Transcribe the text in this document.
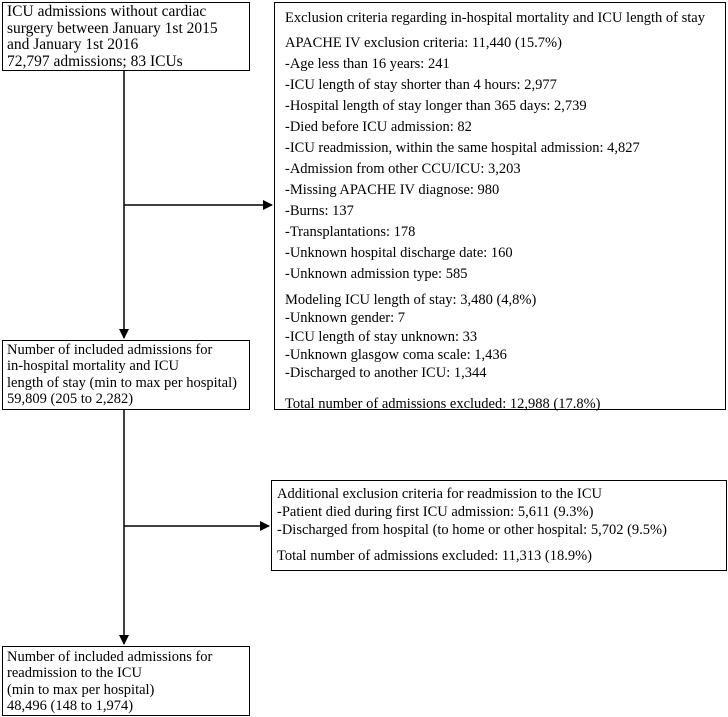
ICU admissions without cardiac
surgery between January 1st 2015
and January 1st 2016
72,797 admissions; 83 ICUs
Exclusion criteria regarding in-hospital mortality and ICU length of stay
APACHE IV exclusion criteria: 11,440 (15.7%)
-Age less than 16 years: 241
-ICU length of stay shorter than 4 hours: 2,977
-Hospital length of stay longer than 365 days: 2,739
-Died before ICU admission: 82
-ICU readmission, within the same hospital admission: 4,827
-Admission from other CCU/ICU: 3,203
-Missing APACHE IV diagnose: 980
-Burns: 137
-Transplantations: 178
-Unknown hospital discharge date: 160
-Unknown admission type: 585
Modeling ICU length of stay: 3,480 (4,8%)
-Unknown gender: 7
-ICU length of stay unknown: 33
-Unknown glasgow coma scale: 1,436
-Discharged to another ICU: 1,344
Total number of admissions excluded: 12,988 (17.8%)
Number of included admissions for
in-hospital mortality and ICU
length of stay (min to max per hospital)
59,809 (205 to 2,282)
Additional exclusion criteria for readmission to the ICU
-Patient died during first ICU admission: 5,611 (9.3%)
-Discharged from hospital (to home or other hospital: 5,702 (9.5%)
Total number of admissions excluded: 11,313 (18.9%)
Number of included admissions for
readmission to the ICU
(min to max per hospital)
48,496 (148 to 1,974)
